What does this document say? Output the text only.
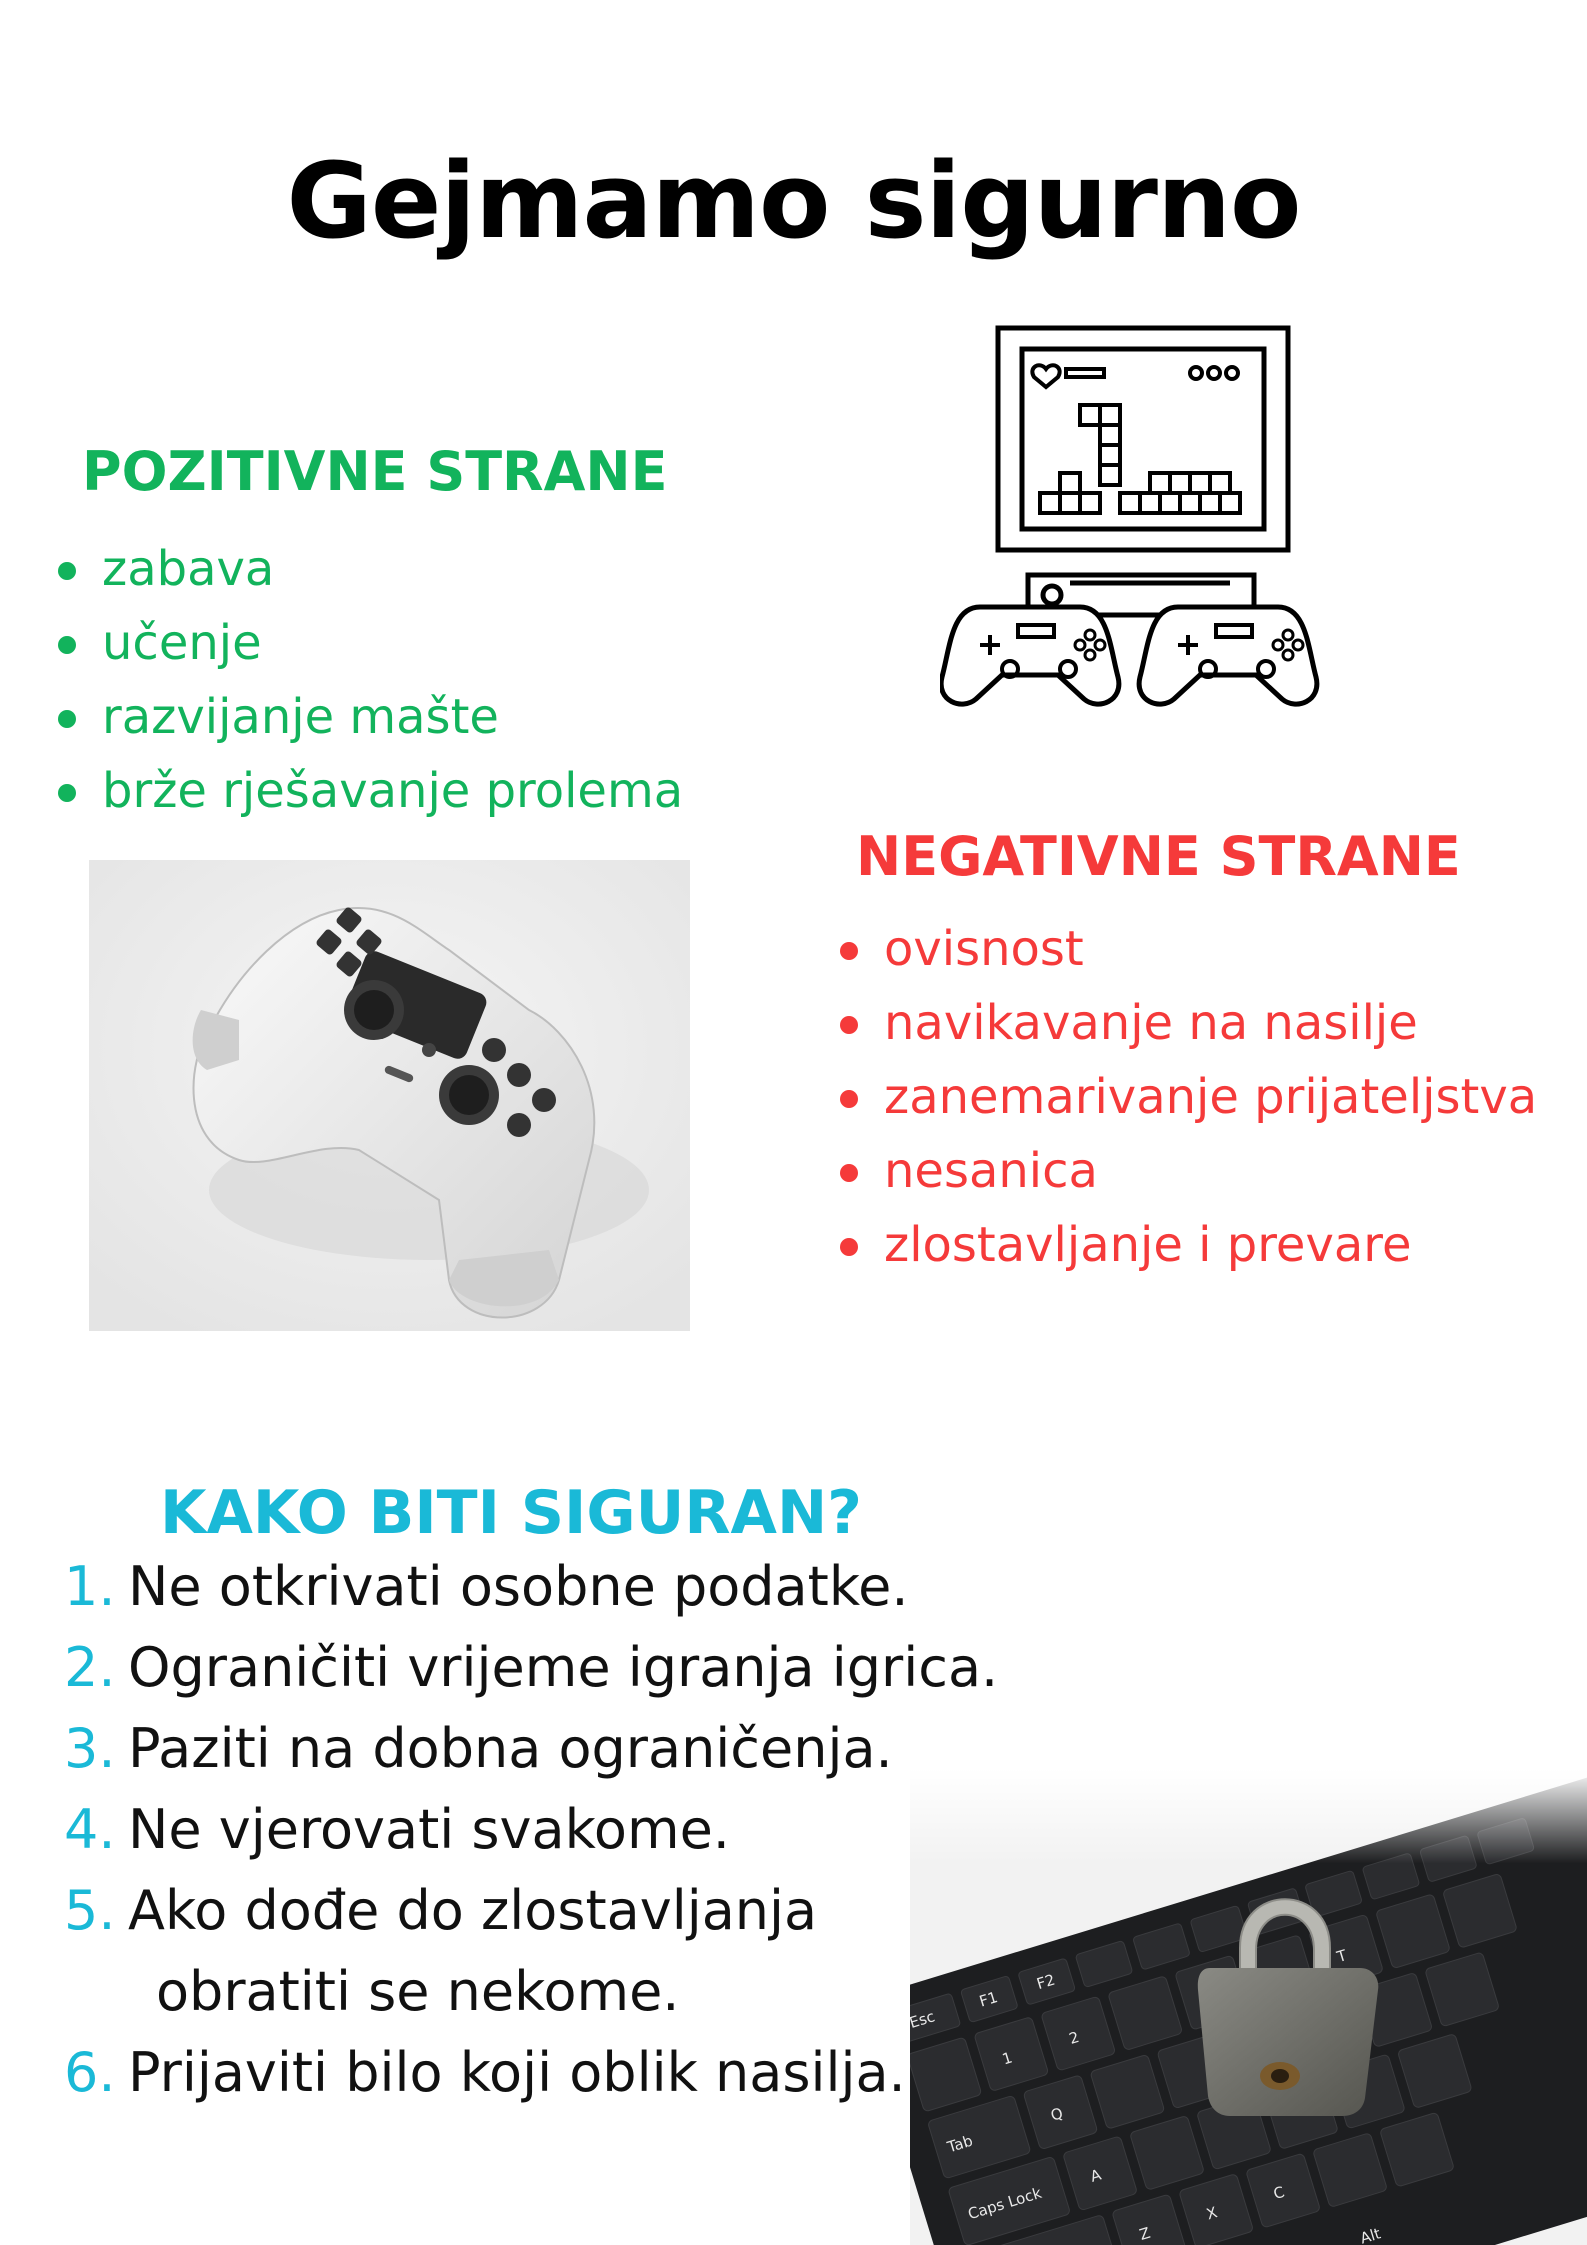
Gejmamo sigurno
POZITIVNE STRANE
zabava
učenje
razvijanje mašte
brže rješavanje prolema
NEGATIVNE STRANE
ovisnost
navikavanje na nasilje
zanemarivanje prijateljstva
nesanica
zlostavljanje i prevare
KAKO BITI SIGURAN?
1. Ne otkrivati osobne podatke.
2. Ograničiti vrijeme igranja igrica.
3. Paziti na dobna ograničenja.
4. Ne vjerovati svakome.
5. Ako dođe do zlostavljanja
obratiti se nekome.
6. Prijaviti bilo koji oblik nasilja.
